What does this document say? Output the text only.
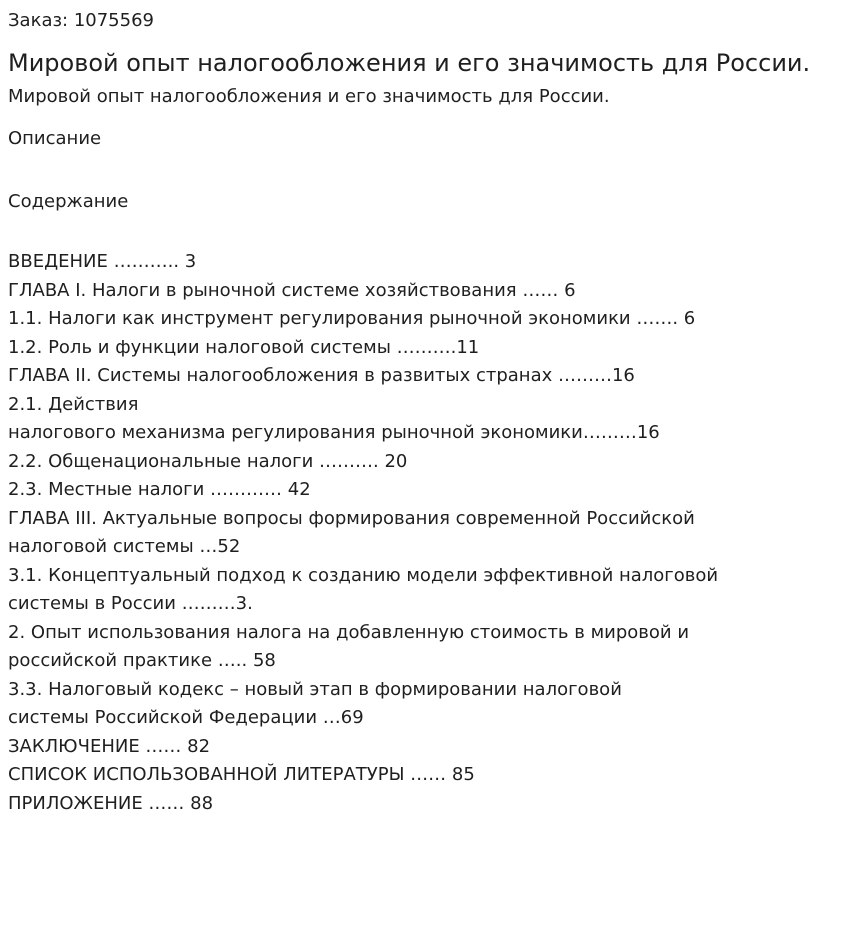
Заказ: 1075569

Мировой опыт налогообложения и его значимость для России.

Мировой опыт налогообложения и его значимость для России.

Описание

Содержание

ВВЕДЕНИЕ ……….. 3
ГЛАВА I. Налоги в рыночной системе хозяйствования …… 6
1.1. Налоги как инструмент регулирования рыночной экономики ……. 6
1.2. Роль и функции налоговой системы ……….11
ГЛАВА II. Системы налогообложения в развитых странах ………16
2.1. Действия
налогового механизма регулирования рыночной экономики………16
2.2. Общенациональные налоги ………. 20
2.3. Местные налоги ………… 42
ГЛАВА III. Актуальные вопросы формирования современной Российской
налоговой системы …52
3.1. Концептуальный подход к созданию модели эффективной налоговой
системы в России ………3.
2. Опыт использования налога на добавленную стоимость в мировой и
российской практике ….. 58
3.3. Налоговый кодекс – новый этап в формировании налоговой
системы Российской Федерации …69
ЗАКЛЮЧЕНИЕ …… 82
СПИСОК ИСПОЛЬЗОВАННОЙ ЛИТЕРАТУРЫ …… 85
ПРИЛОЖЕНИЕ …… 88
